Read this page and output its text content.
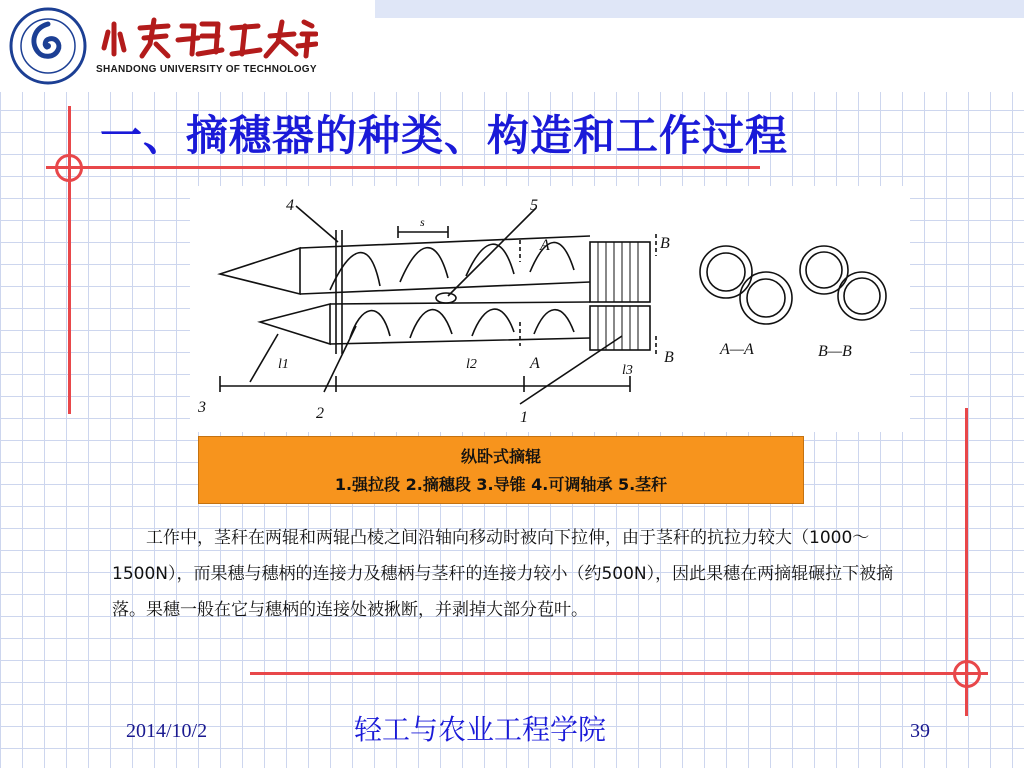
SHANDONG UNIVERSITY OF TECHNOLOGY
一、摘穗器的种类、构造和工作过程
4	5
3	2	1
s
l1	l2	l3
A
A
B
B	A—A	B—B
纵卧式摘辊
1.强拉段 2.摘穗段 3.导锥 4.可调轴承 5.茎秆

工作中，茎秆在两辊和两辊凸棱之间沿轴向移动时被向下拉伸，由于茎秆的抗拉力较大（1000～1500N），而果穗与穗柄的连接力及穗柄与茎秆的连接力较小（约500N），因此果穗在两摘辊碾拉下被摘落。果穗一般在它与穗柄的连接处被揪断，并剥掉大部分苞叶。

2014/10/2	轻工与农业工程学院	39
